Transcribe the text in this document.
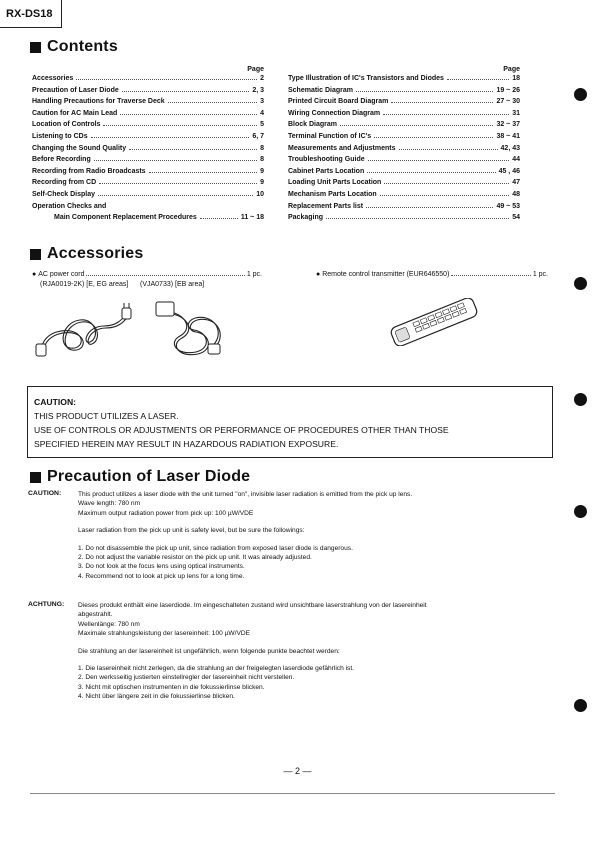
RX-DS18
Contents
Page
Accessories	2
Precaution of Laser Diode	2, 3
Handling Precautions for Traverse Deck	3
Caution for AC Main Lead	4
Location of Controls	5
Listening to CDs	6, 7
Changing the Sound Quality	8
Before Recording	8
Recording from Radio Broadcasts	9
Recording from CD	9
Self-Check Display	10
Operation Checks and
Main Component Replacement Procedures	11 ~ 18
Page
Type Illustration of IC's Transistors and Diodes	18
Schematic Diagram	19 ~ 26
Printed Circuit Board Diagram	27 ~ 30
Wiring Connection Diagram	31
Block Diagram	32 ~ 37
Terminal Function of IC's	38 ~ 41
Measurements and Adjustments	42, 43
Troubleshooting Guide	44
Cabinet Parts Location	45 , 46
Loading Unit Parts Location	47
Mechanism Parts Location	48
Replacement Parts list	49 ~ 53
Packaging	54
Accessories
● AC power cord	1 pc.
(RJA0019-2K) [E, EG areas] (VJA0733) [EB area]
● Remote control transmitter (EUR646550)	1 pc.
CAUTION:
THIS PRODUCT UTILIZES A LASER.
USE OF CONTROLS OR ADJUSTMENTS OR PERFORMANCE OF PROCEDURES OTHER THAN THOSE
SPECIFIED HEREIN MAY RESULT IN HAZARDOUS RADIATION EXPOSURE.
Precaution of Laser Diode
CAUTION:	This product utilizes a laser diode with the unit turned "on", invisible laser radiation is emitted from the pick up lens.
Wave length: 780 nm
Maximum output radiation power from pick up: 100 µW/VDE
Laser radiation from the pick up unit is safety level, but be sure the followings:
1. Do not disassemble the pick up unit, since radiation from exposed laser diode is dangerous.
2. Do not adjust the variable resistor on the pick up unit. It was already adjusted.
3. Do not look at the focus lens using optical instruments.
4. Recommend not to look at pick up lens for a long time.
ACHTUNG: Dieses produkt enthält eine laserdiode. Im eingeschalteten zustand wird unsichtbare laserstrahlung von der lasereinheit
abgestrahlt.
Wellenlänge: 780 nm
Maximale strahlungsleistung der lasereinheit: 100 µW/VDE
Die strahlung an der lasereinheit ist ungefährlich, wenn folgende punkte beachtet werden:
1. Die lasereinheit nicht zerlegen, da die strahlung an der freigelegten laserdiode gefährlich ist.
2. Den werksseitig justierten einstellregler der lasereinheit nicht verstellen.
3. Nicht mit optischen instrumenten in die fokussierlinse blicken.
4. Nicht über längere zeit in die fokussierlinse blicken.
— 2 —
